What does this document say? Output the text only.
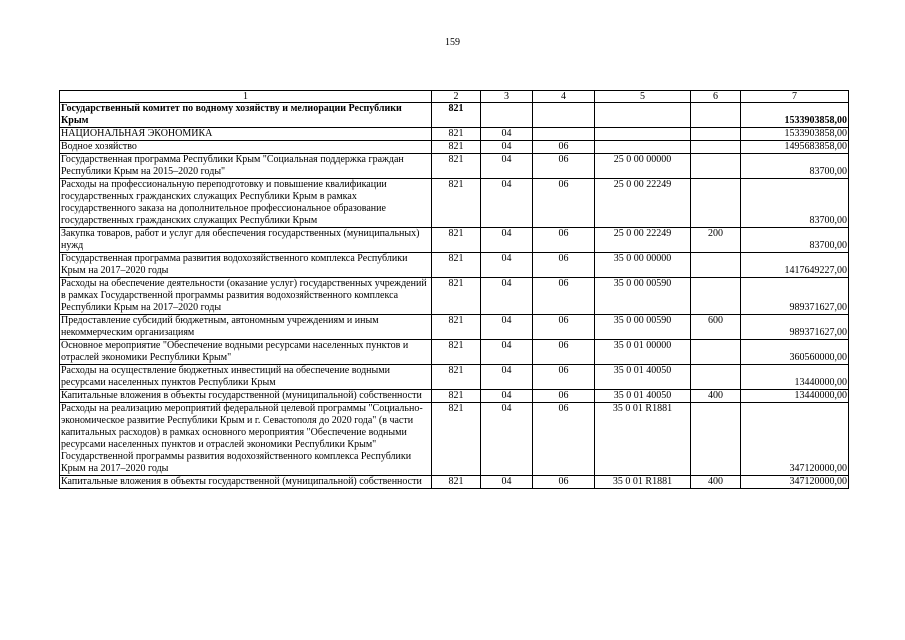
159
1	2	3	4	5	6	7
Государственный комитет по водному хозяйству и мелиорации Республики Крым	821					1533903858,00
НАЦИОНАЛЬНАЯ ЭКОНОМИКА	821	04				1533903858,00
Водное хозяйство	821	04	06			1495683858,00
Государственная программа Республики Крым "Социальная поддержка граждан Республики Крым на 2015–2020 годы"	821	04	06	25 0 00 00000		83700,00
Расходы на профессиональную переподготовку и повышение квалификации государственных гражданских служащих Республики Крым в рамках государственного заказа на дополнительное профессиональное образование государственных гражданских служащих Республики Крым	821	04	06	25 0 00 22249		83700,00
Закупка товаров, работ и услуг для обеспечения государственных (муниципальных) нужд	821	04	06	25 0 00 22249	200	83700,00
Государственная программа развития водохозяйственного комплекса Республики Крым на 2017–2020 годы	821	04	06	35 0 00 00000		1417649227,00
Расходы на обеспечение деятельности (оказание услуг) государственных учреждений в рамках Государственной программы развития водохозяйственного комплекса Республики Крым на 2017–2020 годы	821	04	06	35 0 00 00590		989371627,00
Предоставление субсидий бюджетным, автономным учреждениям и иным некоммерческим организациям	821	04	06	35 0 00 00590	600	989371627,00
Основное мероприятие "Обеспечение водными ресурсами населенных пунктов и отраслей экономики Республики Крым"	821	04	06	35 0 01 00000		360560000,00
Расходы на осуществление бюджетных инвестиций на обеспечение водными ресурсами населенных пунктов Республики Крым	821	04	06	35 0 01 40050		13440000,00
Капитальные вложения в объекты государственной (муниципальной) собственности	821	04	06	35 0 01 40050	400	13440000,00
Расходы на реализацию мероприятий федеральной целевой программы "Социально-экономическое развитие Республики Крым и г. Севастополя до 2020 года" (в части капитальных расходов) в рамках основного мероприятия "Обеспечение водными ресурсами населенных пунктов и отраслей экономики Республики Крым" Государственной программы развития водохозяйственного комплекса Республики Крым на 2017–2020 годы	821	04	06	35 0 01 R1881		347120000,00
Капитальные вложения в объекты государственной (муниципальной) собственности	821	04	06	35 0 01 R1881	400	347120000,00
